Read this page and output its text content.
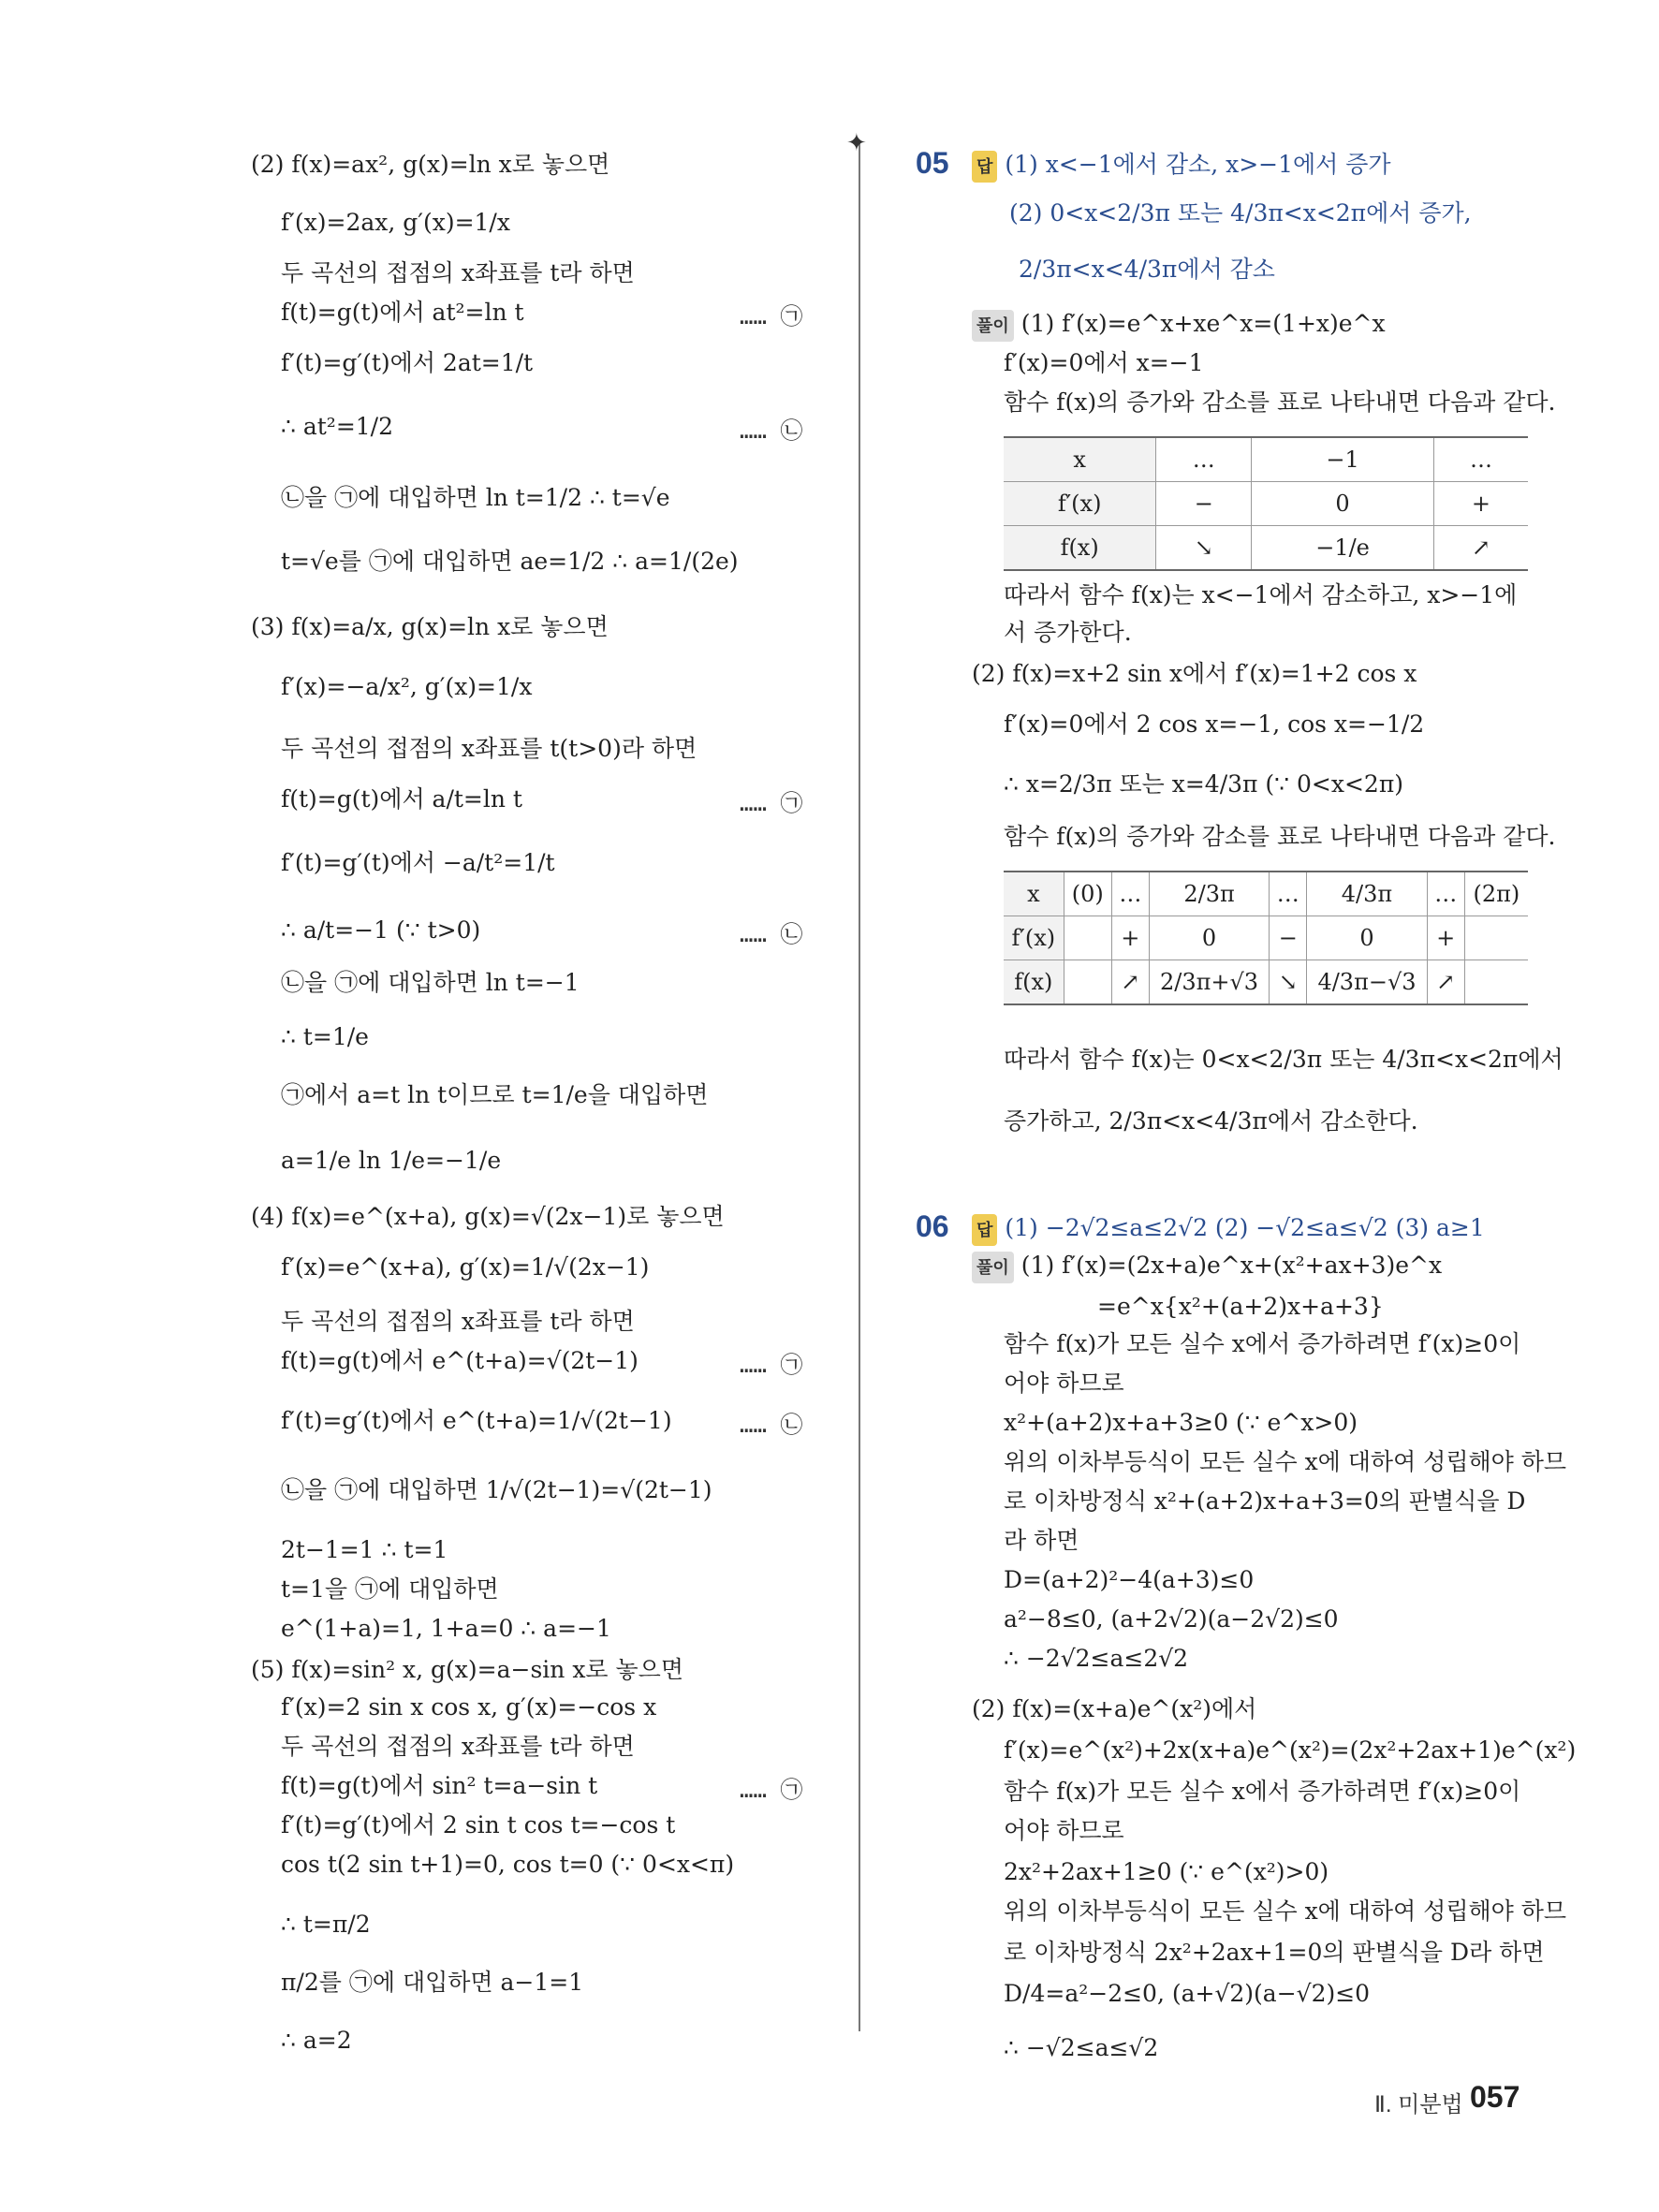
✦
(2) f(x)=ax², g(x)=ln x로 놓으면
f′(x)=2ax, g′(x)=1/x
두 곡선의 접점의 x좌표를 t라 하면
f(t)=g(t)에서 at²=ln t	…… ㉠
f′(t)=g′(t)에서 2at=1/t
∴ at²=1/2	…… ㉡
㉡을 ㉠에 대입하면 ln t=1/2 ∴ t=√e
t=√e를 ㉠에 대입하면 ae=1/2 ∴ a=1/(2e)
(3) f(x)=a/x, g(x)=ln x로 놓으면
f′(x)=−a/x², g′(x)=1/x
두 곡선의 접점의 x좌표를 t(t>0)라 하면
f(t)=g(t)에서 a/t=ln t	…… ㉠
f′(t)=g′(t)에서 −a/t²=1/t
∴ a/t=−1 (∵ t>0)	…… ㉡
㉡을 ㉠에 대입하면 ln t=−1
∴ t=1/e
㉠에서 a=t ln t이므로 t=1/e을 대입하면
a=1/e ln 1/e=−1/e
(4) f(x)=e^(x+a), g(x)=√(2x−1)로 놓으면
f′(x)=e^(x+a), g′(x)=1/√(2x−1)
두 곡선의 접점의 x좌표를 t라 하면
f(t)=g(t)에서 e^(t+a)=√(2t−1)	…… ㉠
f′(t)=g′(t)에서 e^(t+a)=1/√(2t−1)	…… ㉡
㉡을 ㉠에 대입하면 1/√(2t−1)=√(2t−1)
2t−1=1 ∴ t=1
t=1을 ㉠에 대입하면
e^(1+a)=1, 1+a=0 ∴ a=−1
(5) f(x)=sin² x, g(x)=a−sin x로 놓으면
f′(x)=2 sin x cos x, g′(x)=−cos x
두 곡선의 접점의 x좌표를 t라 하면
f(t)=g(t)에서 sin² t=a−sin t	…… ㉠
f′(t)=g′(t)에서 2 sin t cos t=−cos t
cos t(2 sin t+1)=0, cos t=0 (∵ 0<x<π)
∴ t=π/2
π/2를 ㉠에 대입하면 a−1=1
∴ a=2
05 답 (1) x<−1에서 감소, x>−1에서 증가
(2) 0<x<2/3π 또는 4/3π<x<2π에서 증가,
2/3π<x<4/3π에서 감소
풀이 (1) f′(x)=e^x+xe^x=(1+x)e^x
f′(x)=0에서 x=−1
함수 f(x)의 증가와 감소를 표로 나타내면 다음과 같다.
x	…	−1	…
f′(x)	−	0	+
f(x)	↘	−1/e	↗
따라서 함수 f(x)는 x<−1에서 감소하고, x>−1에
서 증가한다.
(2) f(x)=x+2 sin x에서 f′(x)=1+2 cos x
f′(x)=0에서 2 cos x=−1, cos x=−1/2
∴ x=2/3π 또는 x=4/3π (∵ 0<x<2π)
함수 f(x)의 증가와 감소를 표로 나타내면 다음과 같다.
x	(0)	…	2/3π	…	4/3π	…	(2π)
f′(x)		+	0	−	0	+	
f(x)		↗	2/3π+√3	↘	4/3π−√3	↗	
따라서 함수 f(x)는 0<x<2/3π 또는 4/3π<x<2π에서
증가하고, 2/3π<x<4/3π에서 감소한다.
06 답 (1) −2√2≤a≤2√2 (2) −√2≤a≤√2 (3) a≥1
풀이 (1) f′(x)=(2x+a)e^x+(x²+ax+3)e^x
=e^x{x²+(a+2)x+a+3}
함수 f(x)가 모든 실수 x에서 증가하려면 f′(x)≥0이
어야 하므로
x²+(a+2)x+a+3≥0 (∵ e^x>0)
위의 이차부등식이 모든 실수 x에 대하여 성립해야 하므
로 이차방정식 x²+(a+2)x+a+3=0의 판별식을 D
라 하면
D=(a+2)²−4(a+3)≤0
a²−8≤0, (a+2√2)(a−2√2)≤0
∴ −2√2≤a≤2√2
(2) f(x)=(x+a)e^(x²)에서
f′(x)=e^(x²)+2x(x+a)e^(x²)=(2x²+2ax+1)e^(x²)
함수 f(x)가 모든 실수 x에서 증가하려면 f′(x)≥0이
어야 하므로
2x²+2ax+1≥0 (∵ e^(x²)>0)
위의 이차부등식이 모든 실수 x에 대하여 성립해야 하므
로 이차방정식 2x²+2ax+1=0의 판별식을 D라 하면
D/4=a²−2≤0, (a+√2)(a−√2)≤0
∴ −√2≤a≤√2
Ⅱ. 미분법 057
